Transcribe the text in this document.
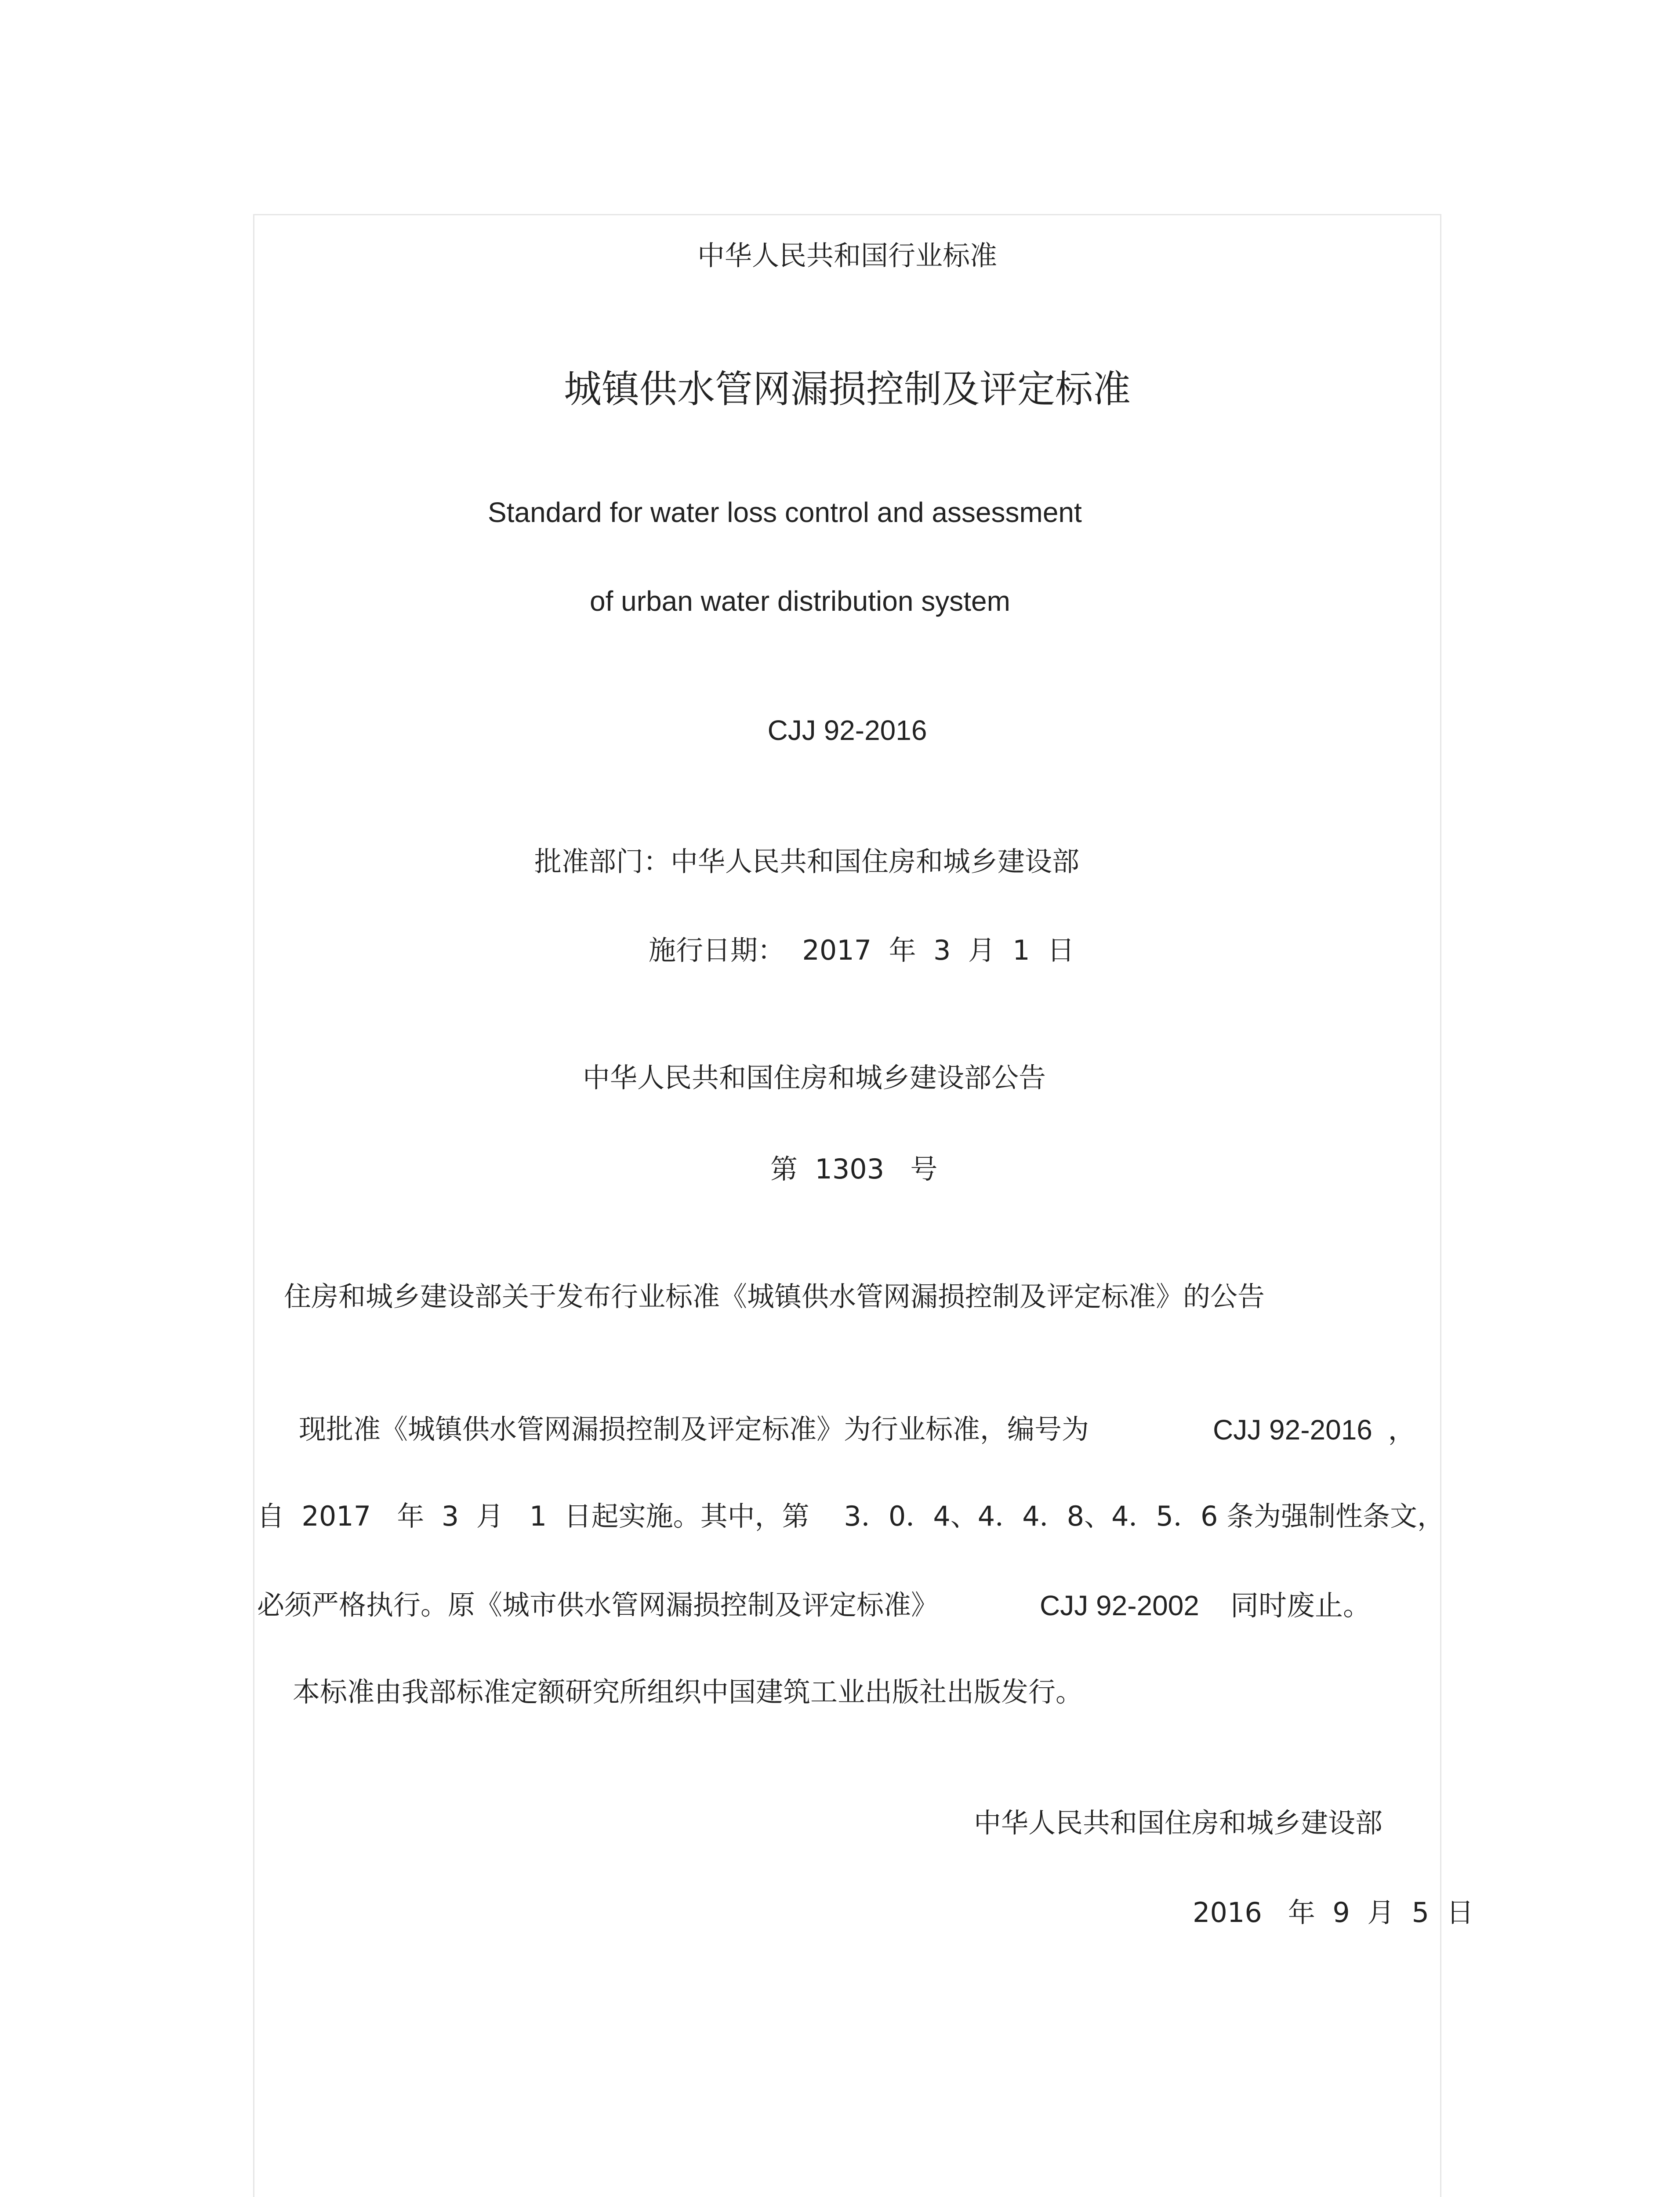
中华人民共和国行业标准
城镇供水管网漏损控制及评定标准
Standard for water loss control and assessment
of urban water distribution system
CJJ 92-2016
批准部门：中华人民共和国住房和城乡建设部
施行日期：  2017  年  3  月  1  日
中华人民共和国住房和城乡建设部公告
第  1303   号
住房和城乡建设部关于发布行业标准《城镇供水管网漏损控制及评定标准》的公告
现批准《城镇供水管网漏损控制及评定标准》为行业标准，编号为	CJJ 92-2016  ，
自  2017   年  3  月   1  日起实施。其中，第    3．0．4、4．4．8、4．5．6 条为强制性条文，
必须严格执行。原《城市供水管网漏损控制及评定标准》	CJJ 92-2002    同时废止。
本标准由我部标准定额研究所组织中国建筑工业出版社出版发行。
中华人民共和国住房和城乡建设部
2016   年  9  月  5  日
